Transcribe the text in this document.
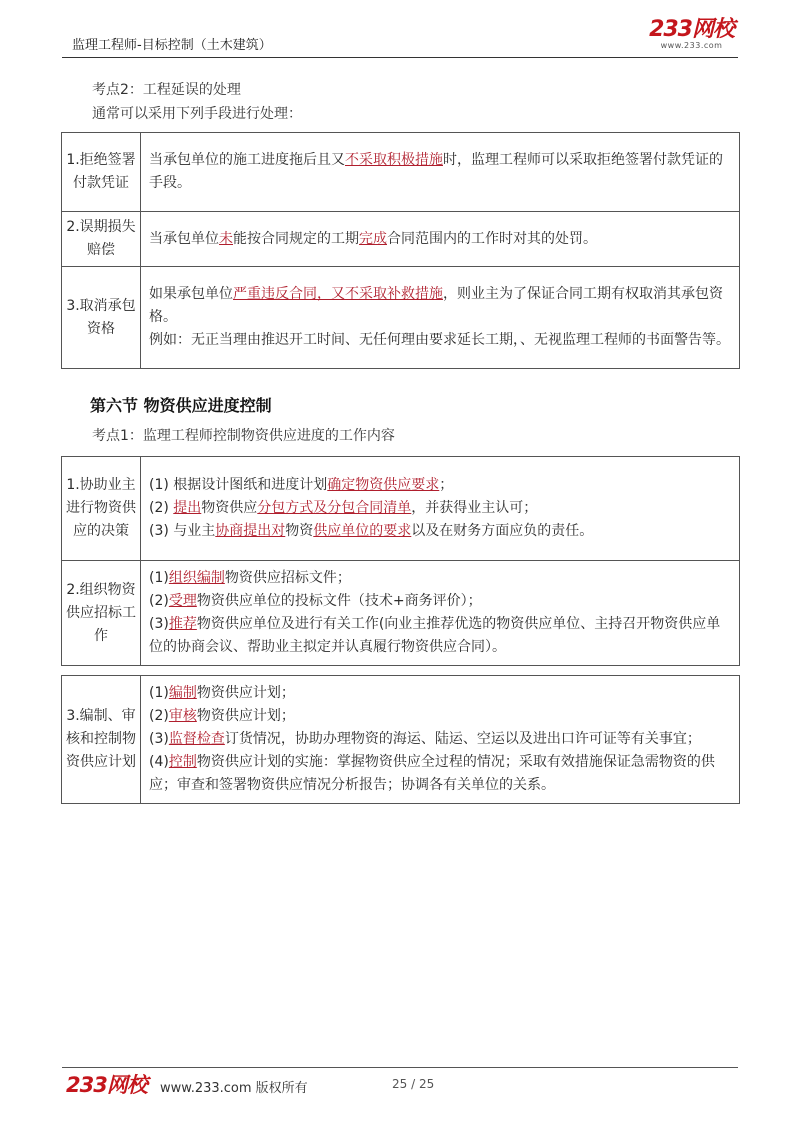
监理工程师-目标控制（土木建筑）
233网校
www.233.com
考点2：工程延误的处理
通常可以采用下列手段进行处理：
1.拒绝签署付款凭证	当承包单位的施工进度拖后且又不采取积极措施时，监理工程师可以采取拒绝签署付款凭证的手段。
2.误期损失赔偿	当承包单位未能按合同规定的工期完成合同范围内的工作时对其的处罚。
3.取消承包资格	如果承包单位严重违反合同，又不采取补救措施，则业主为了保证合同工期有权取消其承包资格。
例如：无正当理由推迟开工时间、无任何理由要求延长工期，、无视监理工程师的书面警告等。
第六节 物资供应进度控制
考点1：监理工程师控制物资供应进度的工作内容
1.协助业主进行物资供应的决策	(1) 根据设计图纸和进度计划确定物资供应要求；
(2) 提出物资供应分包方式及分包合同清单，并获得业主认可；
(3) 与业主协商提出对物资供应单位的要求以及在财务方面应负的责任。
2.组织物资供应招标工作	(1)组织编制物资供应招标文件；
(2)受理物资供应单位的投标文件（技术+商务评价）；
(3)推荐物资供应单位及进行有关工作(向业主推荐优选的物资供应单位、主持召开物资供应单位的协商会议、帮助业主拟定并认真履行物资供应合同）。
3.编制、审核和控制物资供应计划	(1)编制物资供应计划；
(2)审核物资供应计划；
(3)监督检查订货情况，协助办理物资的海运、陆运、空运以及进出口许可证等有关事宜；
(4)控制物资供应计划的实施：掌握物资供应全过程的情况；采取有效措施保证急需物资的供应；审查和签署物资供应情况分析报告；协调各有关单位的关系。
233网校 www.233.com 版权所有	25 / 25
